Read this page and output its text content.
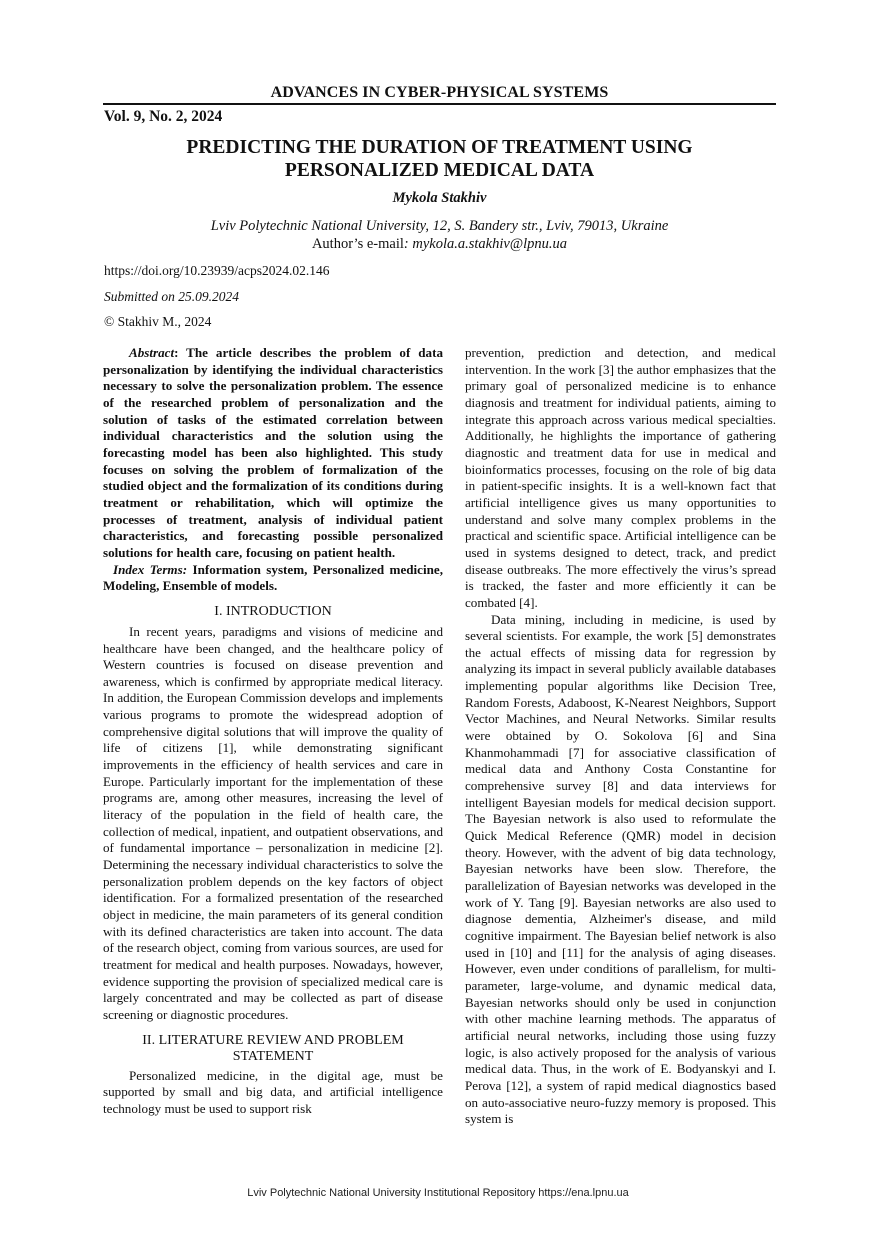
ADVANCES IN CYBER-PHYSICAL SYSTEMS
Vol. 9, No. 2, 2024
PREDICTING THE DURATION OF TREATMENT USING
PERSONALIZED MEDICAL DATA
Mykola Stakhiv
Lviv Polytechnic National University, 12, S. Bandery str., Lviv, 79013, Ukraine
Author’s e-mail: mykola.a.stakhiv@lpnu.ua
https://doi.org/10.23939/acps2024.02.146
Submitted on 25.09.2024
© Stakhiv M., 2024

Abstract: The article describes the problem of data personalization by identifying the individual characteristics necessary to solve the personalization problem. The essence of the researched problem of personalization and the solution of tasks of the estimated correlation between individual characteristics and the solution using the forecasting model has been also highlighted. This study focuses on solving the problem of formalization of the studied object and the formalization of its conditions during treatment or rehabilitation, which will optimize the processes of treatment, analysis of individual patient characteristics, and forecasting possible personalized solutions for health care, focusing on patient health.

Index Terms: Information system, Personalized medicine, Modeling, Ensemble of models.

I. INTRODUCTION

In recent years, paradigms and visions of medicine and healthcare have been changed, and the healthcare policy of Western countries is focused on disease prevention and awareness, which is confirmed by appropriate medical literacy. In addition, the European Commission develops and implements various programs to promote the widespread adoption of comprehensive digital solutions that will improve the quality of life of citizens [1], while demonstrating significant improvements in the efficiency of health services and care in Europe. Particularly important for the implementation of these programs are, among other measures, increasing the level of literacy of the population in the field of health care, the collection of medical, inpatient, and outpatient observations, and of fundamental importance – personalization in medicine [2]. Determining the necessary individual characteristics to solve the personalization problem depends on the key factors of object identification. For a formalized presentation of the researched object in medicine, the main parameters of its general condition with its defined characteristics are taken into account. The data of the research object, coming from various sources, are used for treatment for medical and health purposes. Nowadays, however, evidence supporting the provision of specialized medical care is largely concentrated and may be collected as part of disease screening or diagnostic procedures.

II. LITERATURE REVIEW AND PROBLEM
STATEMENT

Personalized medicine, in the digital age, must be supported by small and big data, and artificial intelligence technology must be used to support risk

prevention, prediction and detection, and medical intervention. In the work [3] the author emphasizes that the primary goal of personalized medicine is to enhance diagnosis and treatment for individual patients, aiming to integrate this approach across various medical specialties. Additionally, he highlights the importance of gathering diagnostic and treatment data for use in medical and bioinformatics processes, focusing on the role of big data in patient-specific insights. It is a well-known fact that artificial intelligence gives us many opportunities to understand and solve many complex problems in the practical and scientific space. Artificial intelligence can be used in systems designed to detect, track, and predict disease outbreaks. The more effectively the virus’s spread is tracked, the faster and more efficiently it can be combated [4].

Data mining, including in medicine, is used by several scientists. For example, the work [5] demonstrates the actual effects of missing data for regression by analyzing its impact in several publicly available databases implementing popular algorithms like Decision Tree, Random Forests, Adaboost, K-Nearest Neighbors, Support Vector Machines, and Neural Networks. Similar results were obtained by O. Sokolova [6] and Sina Khanmohammadi [7] for associative classification of medical data and Anthony Costa Constantine for comprehensive survey [8] and data interviews for intelligent Bayesian models for medical decision support. The Bayesian network is also used to reformulate the Quick Medical Reference (QMR) model in decision theory. However, with the advent of big data technology, Bayesian networks have been slow. Therefore, the parallelization of Bayesian networks was developed in the work of Y. Tang [9]. Bayesian networks are also used to diagnose dementia, Alzheimer's disease, and mild cognitive impairment. The Bayesian belief network is also used in [10] and [11] for the analysis of aging diseases. However, even under conditions of parallelism, for multi-parameter, large-volume, and dynamic medical data, Bayesian networks should only be used in conjunction with other machine learning methods. The apparatus of artificial neural networks, including those using fuzzy logic, is also actively proposed for the analysis of various medical data. Thus, in the work of E. Bodyanskyi and I. Perova [12], a system of rapid medical diagnostics based on auto-associative neuro-fuzzy memory is proposed. This system is

Lviv Polytechnic National University Institutional Repository https://ena.lpnu.ua
